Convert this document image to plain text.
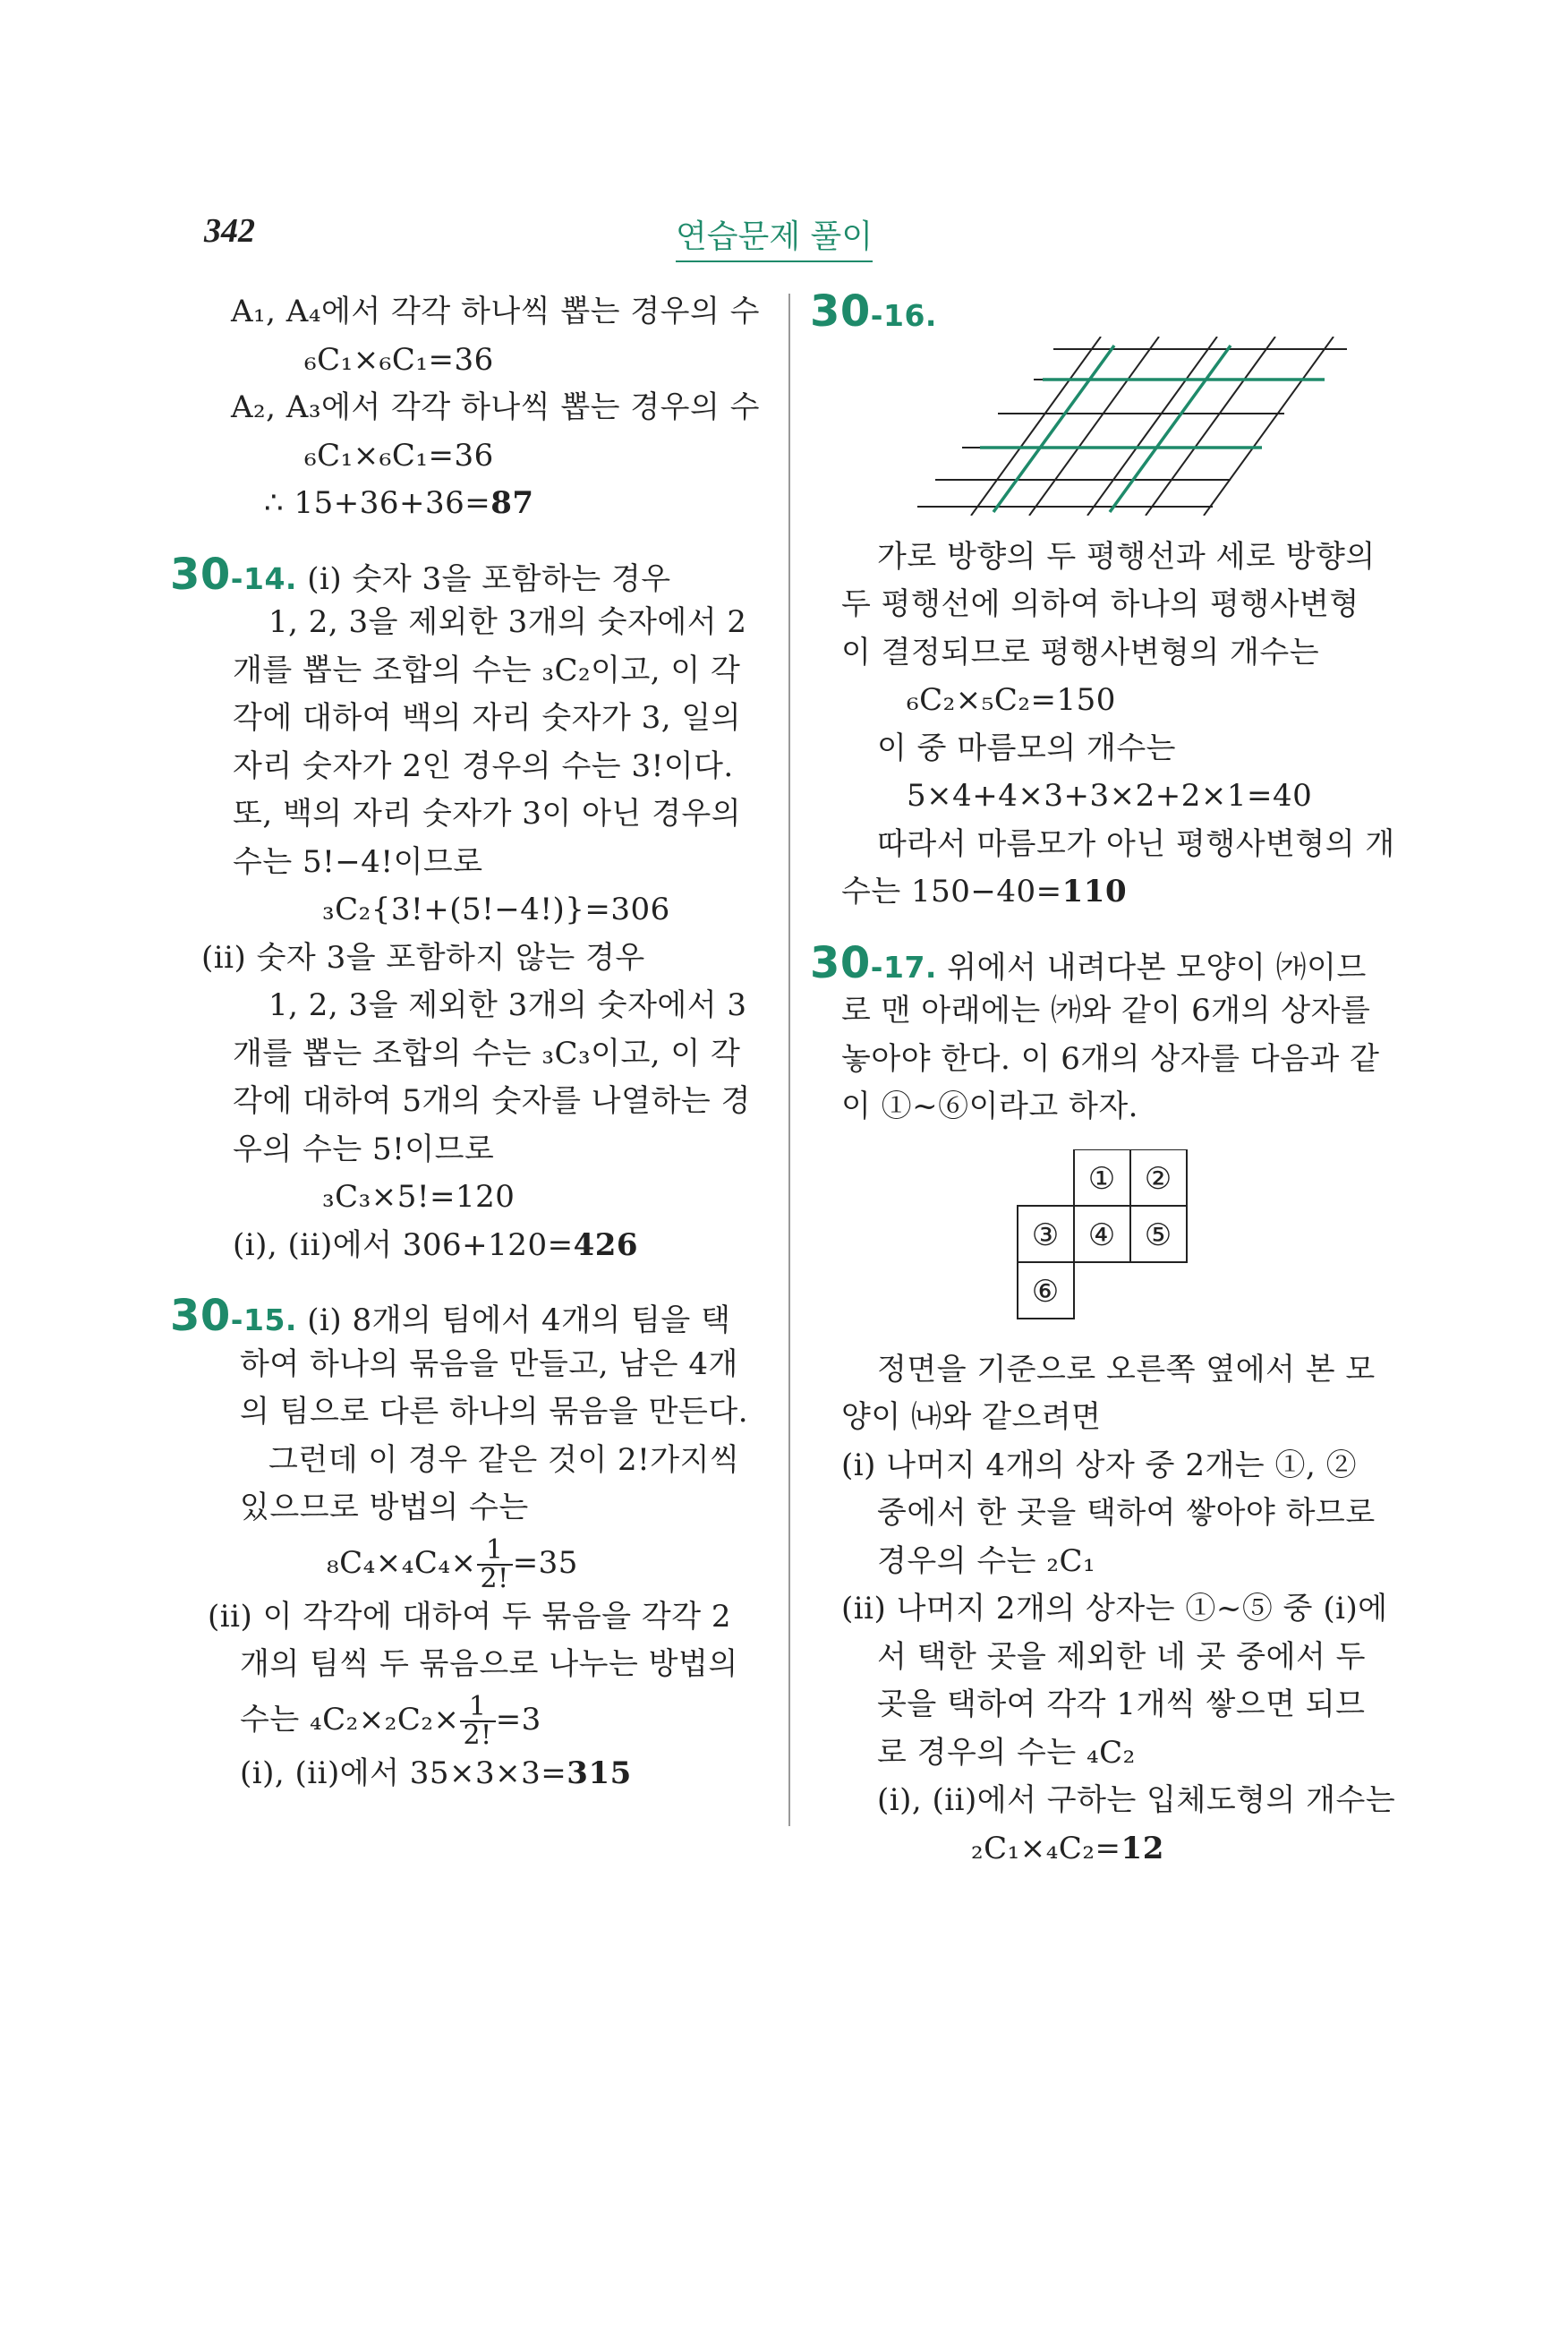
342	연습문제 풀이
A₁, A₄에서 각각 하나씩 뽑는 경우의 수
₆C₁×₆C₁=36
A₂, A₃에서 각각 하나씩 뽑는 경우의 수
₆C₁×₆C₁=36
∴ 15+36+36=87
30-14. (i) 숫자 3을 포함하는 경우
1, 2, 3을 제외한 3개의 숫자에서 2
개를 뽑는 조합의 수는 ₃C₂이고, 이 각
각에 대하여 백의 자리 숫자가 3, 일의
자리 숫자가 2인 경우의 수는 3!이다.
또, 백의 자리 숫자가 3이 아닌 경우의
수는 5!−4!이므로
₃C₂{3!+(5!−4!)}=306
(ii) 숫자 3을 포함하지 않는 경우
1, 2, 3을 제외한 3개의 숫자에서 3
개를 뽑는 조합의 수는 ₃C₃이고, 이 각
각에 대하여 5개의 숫자를 나열하는 경
우의 수는 5!이므로
₃C₃×5!=120
(i), (ii)에서 306+120=426
30-15. (i) 8개의 팀에서 4개의 팀을 택
하여 하나의 묶음을 만들고, 남은 4개
의 팀으로 다른 하나의 묶음을 만든다.
그런데 이 경우 같은 것이 2!가지씩
있으므로 방법의 수는
$_8C_4\times_4C_4\times \frac{1}{2!} =35$
(ii) 이 각각에 대하여 두 묶음을 각각 2
개의 팀씩 두 묶음으로 나누는 방법의
수는 $_4C_2\times_2C_2\times \frac{1}{2!} =3$
(i), (ii)에서 35×3×3=315
30-16.
가로 방향의 두 평행선과 세로 방향의
두 평행선에 의하여 하나의 평행사변형
이 결정되므로 평행사변형의 개수는
₆C₂×₅C₂=150
이 중 마름모의 개수는
5×4+4×3+3×2+2×1=40
따라서 마름모가 아닌 평행사변형의 개
수는 150−40=110
30-17. 위에서 내려다본 모양이 ㈎이므
로 맨 아래에는 ㈎와 같이 6개의 상자를
놓아야 한다. 이 6개의 상자를 다음과 같
이 ①~⑥이라고 하자.
① ②
③ ④ ⑤
⑥
정면을 기준으로 오른쪽 옆에서 본 모
양이 ㈏와 같으려면
(i) 나머지 4개의 상자 중 2개는 ①, ②
중에서 한 곳을 택하여 쌓아야 하므로
경우의 수는 ₂C₁
(ii) 나머지 2개의 상자는 ①~⑤ 중 (i)에
서 택한 곳을 제외한 네 곳 중에서 두
곳을 택하여 각각 1개씩 쌓으면 되므
로 경우의 수는 ₄C₂
(i), (ii)에서 구하는 입체도형의 개수는
₂C₁×₄C₂=12
